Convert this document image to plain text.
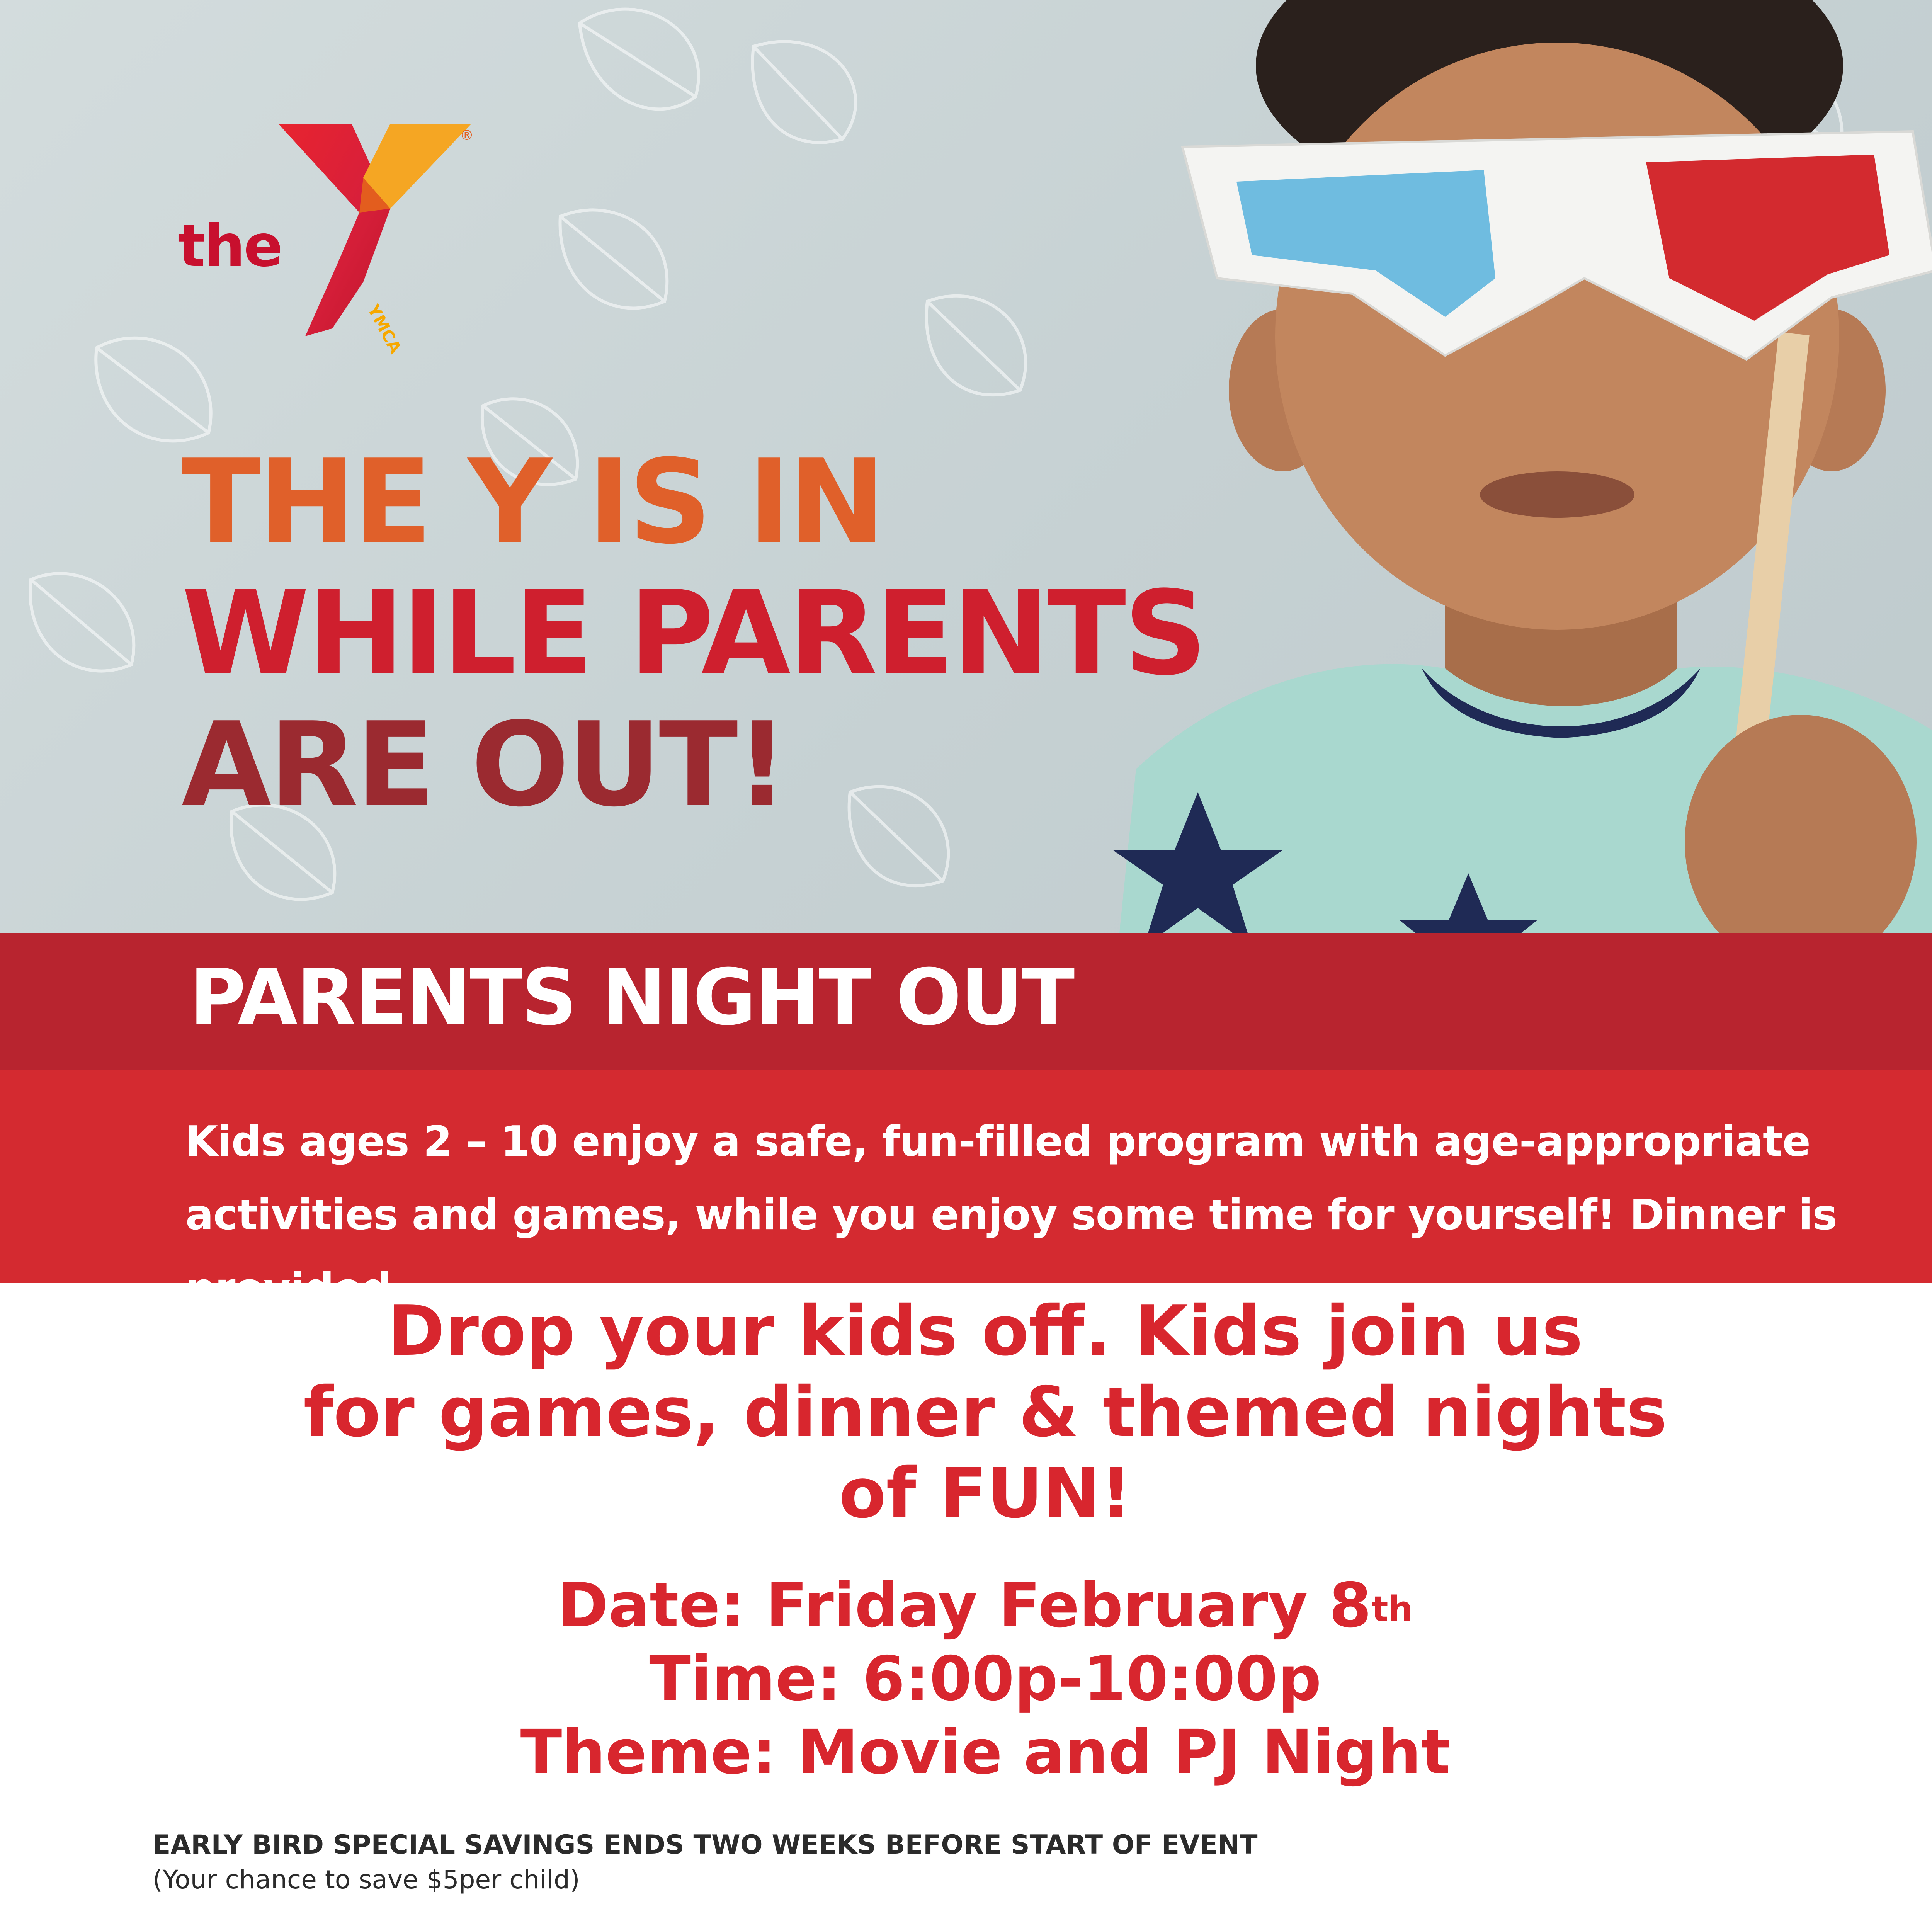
the
®
YMCA
THE Y IS IN
WHILE PARENTS
ARE OUT!
PARENTS NIGHT OUT
Kids ages 2 – 10 enjoy a safe, fun-filled program with age-appropriate activities and games, while you enjoy some time for yourself! Dinner is provided.
Drop your kids off. Kids join us
for games, dinner & themed nights
of FUN!
Date: Friday February 8th
Time: 6:00p-10:00p
Theme: Movie and PJ Night
EARLY BIRD SPECIAL SAVINGS ENDS TWO WEEKS BEFORE START OF EVENT
(Your chance to save $5per child)
